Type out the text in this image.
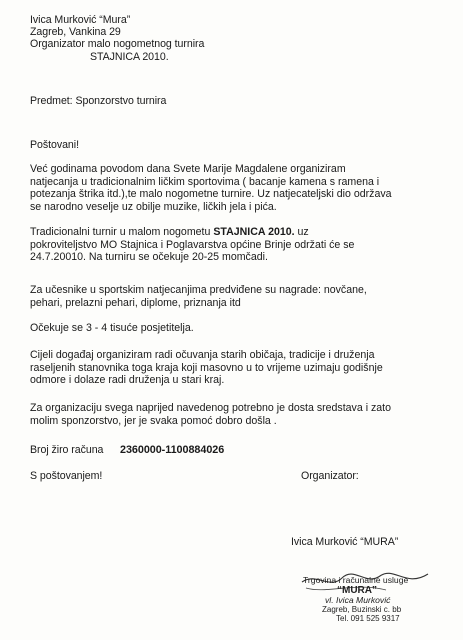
Ivica Murković “Mura”
Zagreb, Vankina 29
Organizator malo nogometnog turnira
STAJNICA 2010.
Predmet: Sponzorstvo turnira
Poštovani!
Već godinama povodom dana Svete Marije Magdalene organiziram
natjecanja u tradicionalnim ličkim sportovima ( bacanje kamena s ramena i
potezanja štrika itd.),te malo nogometne turnire. Uz natjecateljski dio održava
se narodno veselje uz obilje muzike, ličkih jela i pića.
Tradicionalni turnir u malom nogometu STAJNICA 2010. uz
pokroviteljstvo MO Stajnica i Poglavarstva općine Brinje održati će se
24.7.20010. Na turniru se očekuje 20-25 momčadi.
Za učesnike u sportskim natjecanjima predviđene su nagrade: novčane,
pehari, prelazni pehari, diplome, priznanja itd
Očekuje se 3 - 4 tisuće posjetitelja.
Cijeli događaj organiziram radi očuvanja starih običaja, tradicije i druženja
raseljenih stanovnika toga kraja koji masovno u to vrijeme uzimaju godišnje
odmore i dolaze radi druženja u stari kraj.
Za organizaciju svega naprijed navedenog potrebno je dosta sredstava i zato
molim sponzorstvo, jer je svaka pomoć dobro došla .
Broj žiro računa 2360000-1100884026
S poštovanjem!	Organizator:
Ivica Murković “MURA”
Trgovina i računalne usluge
“MURA”
vl. Ivica Murković
Zagreb, Buzinski c. bb
Tel. 091 525 9317
